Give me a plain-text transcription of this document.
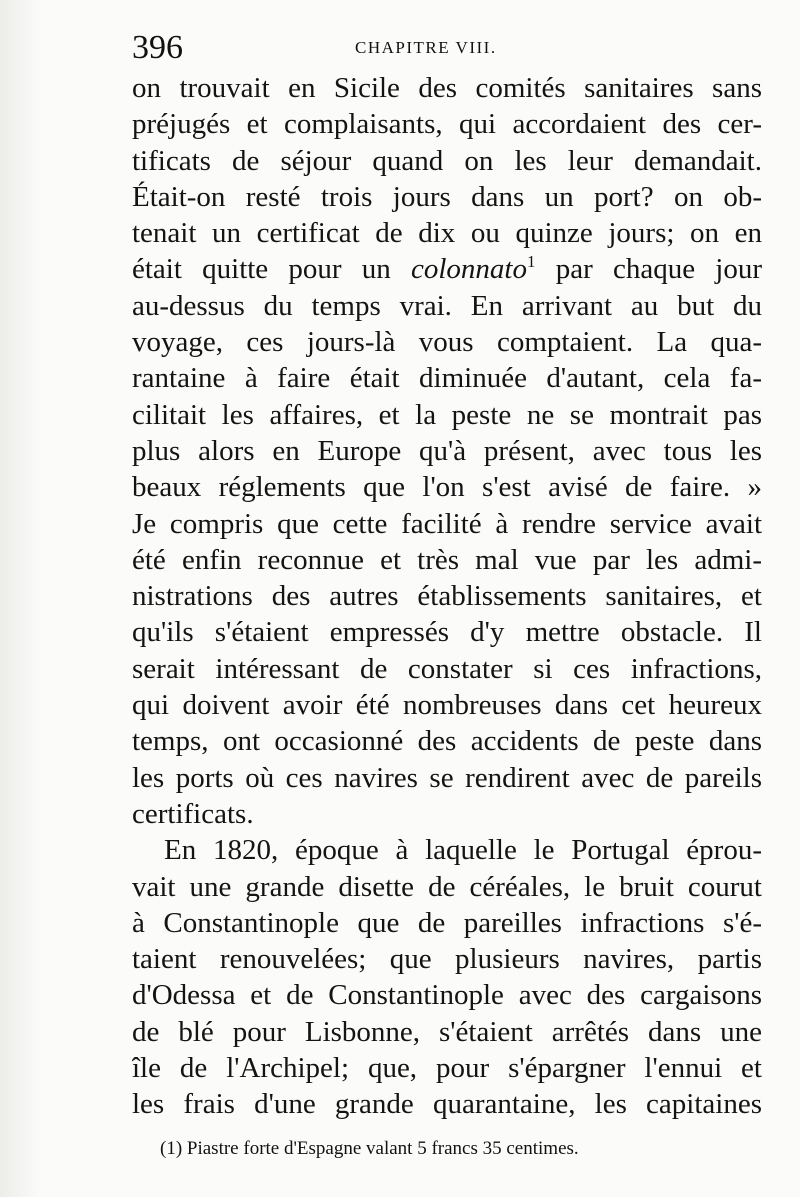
396	CHAPITRE VIII.
on trouvait en Sicile des comités sanitaires sans
préjugés et complaisants, qui accordaient des cer-
tificats de séjour quand on les leur demandait.
Était-on resté trois jours dans un port? on ob-
tenait un certificat de dix ou quinze jours; on en
était quitte pour un colonnato$^1$ par chaque jour
au-dessus du temps vrai. En arrivant au but du
voyage, ces jours-là vous comptaient. La qua-
rantaine à faire était diminuée d'autant, cela fa-
cilitait les affaires, et la peste ne se montrait pas
plus alors en Europe qu'à présent, avec tous les
beaux réglements que l'on s'est avisé de faire. »
Je compris que cette facilité à rendre service avait
été enfin reconnue et très mal vue par les admi-
nistrations des autres établissements sanitaires, et
qu'ils s'étaient empressés d'y mettre obstacle. Il
serait intéressant de constater si ces infractions,
qui doivent avoir été nombreuses dans cet heureux
temps, ont occasionné des accidents de peste dans
les ports où ces navires se rendirent avec de pareils
certificats.
En 1820, époque à laquelle le Portugal éprou-
vait une grande disette de céréales, le bruit courut
à Constantinople que de pareilles infractions s'é-
taient renouvelées; que plusieurs navires, partis
d'Odessa et de Constantinople avec des cargaisons
de blé pour Lisbonne, s'étaient arrêtés dans une
île de l'Archipel; que, pour s'épargner l'ennui et
les frais d'une grande quarantaine, les capitaines
(1) Piastre forte d'Espagne valant 5 francs 35 centimes.
